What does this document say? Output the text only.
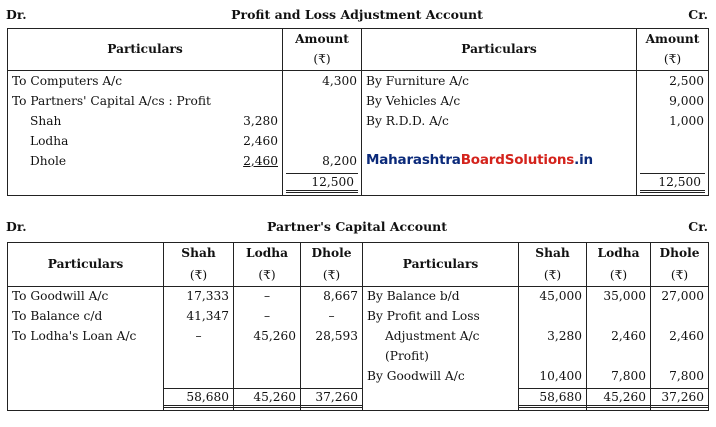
Dr.	Profit and Loss Adjustment Account	Cr.
Particulars		Amount	Particulars	Amount
		(₹)		(₹)
To Computers A/c		4,300	By Furniture A/c	2,500
To Partners' Capital A/cs : Profit			By Vehicles A/c	9,000
Shah	3,280		By R.D.D. A/c	1,000
Lodha	2,460			
Dhole	2,460	8,200		

		12,500		12,500
MaharashtraBoardSolutions.in
Dr.	Partner's Capital Account	Cr.
Particulars	Shah	Lodha	Dhole	Particulars	Shah	Lodha	Dhole
	(₹)	(₹)	(₹)		(₹)	(₹)	(₹)
To Goodwill A/c	17,333	–	8,667	By Balance b/d	45,000	35,000	27,000
To Balance c/d	41,347	–	–	By Profit and Loss			
To Lodha's Loan A/c	–	45,260	28,593	Adjustment A/c	3,280	2,460	2,460
				(Profit)			
				By Goodwill A/c	10,400	7,800	7,800

	58,680	45,260	37,260		58,680	45,260	37,260
